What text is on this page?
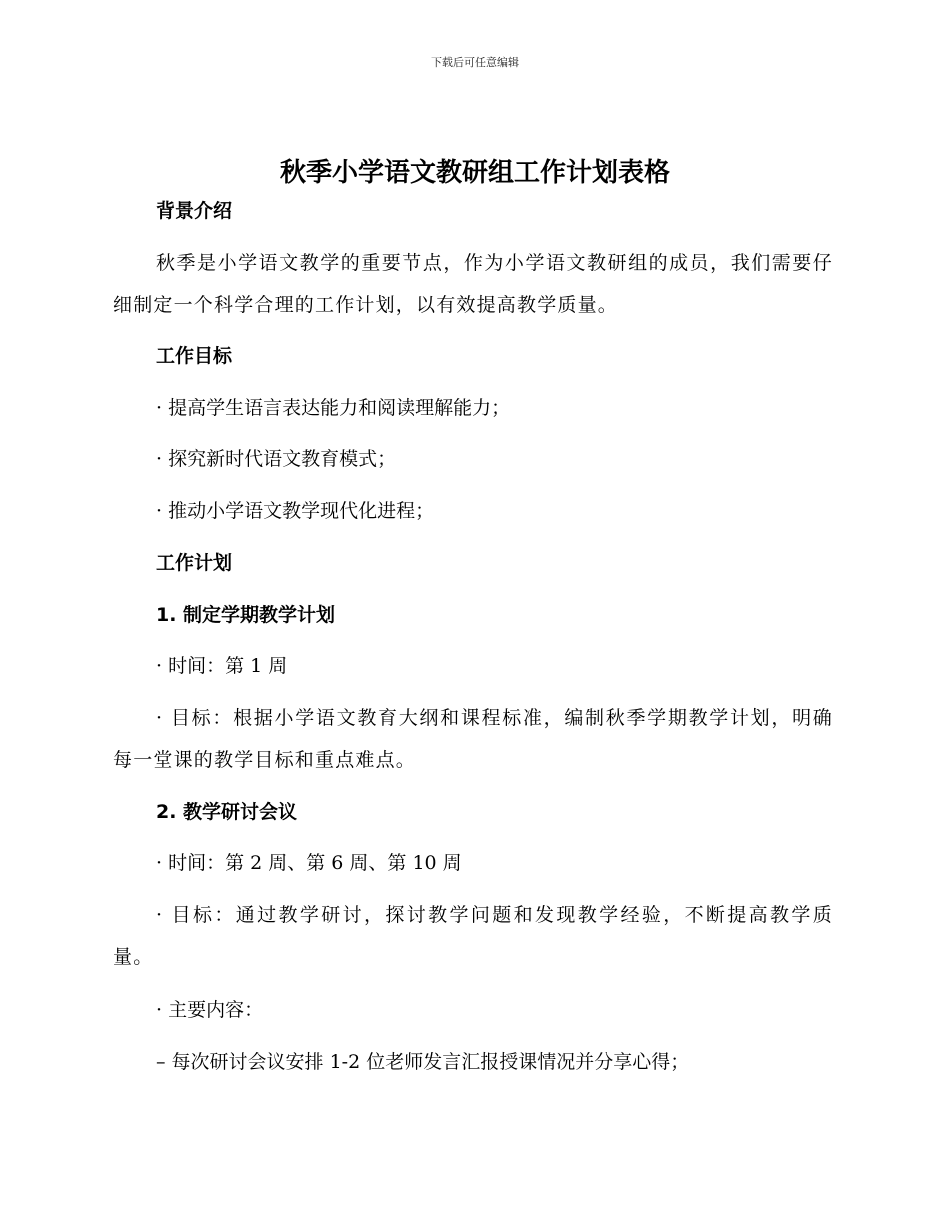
下载后可任意编辑
秋季小学语文教研组工作计划表格
背景介绍
秋季是小学语文教学的重要节点，作为小学语文教研组的成员，我们需要仔细制定一个科学合理的工作计划，以有效提高教学质量。
工作目标
· 提高学生语言表达能力和阅读理解能力；
· 探究新时代语文教育模式；
· 推动小学语文教学现代化进程；
工作计划
1. 制定学期教学计划
· 时间：第 1 周
· 目标：根据小学语文教育大纲和课程标准，编制秋季学期教学计划，明确每一堂课的教学目标和重点难点。
2. 教学研讨会议
· 时间：第 2 周、第 6 周、第 10 周
· 目标：通过教学研讨，探讨教学问题和发现教学经验，不断提高教学质量。
· 主要内容：
– 每次研讨会议安排 1-2 位老师发言汇报授课情况并分享心得；
